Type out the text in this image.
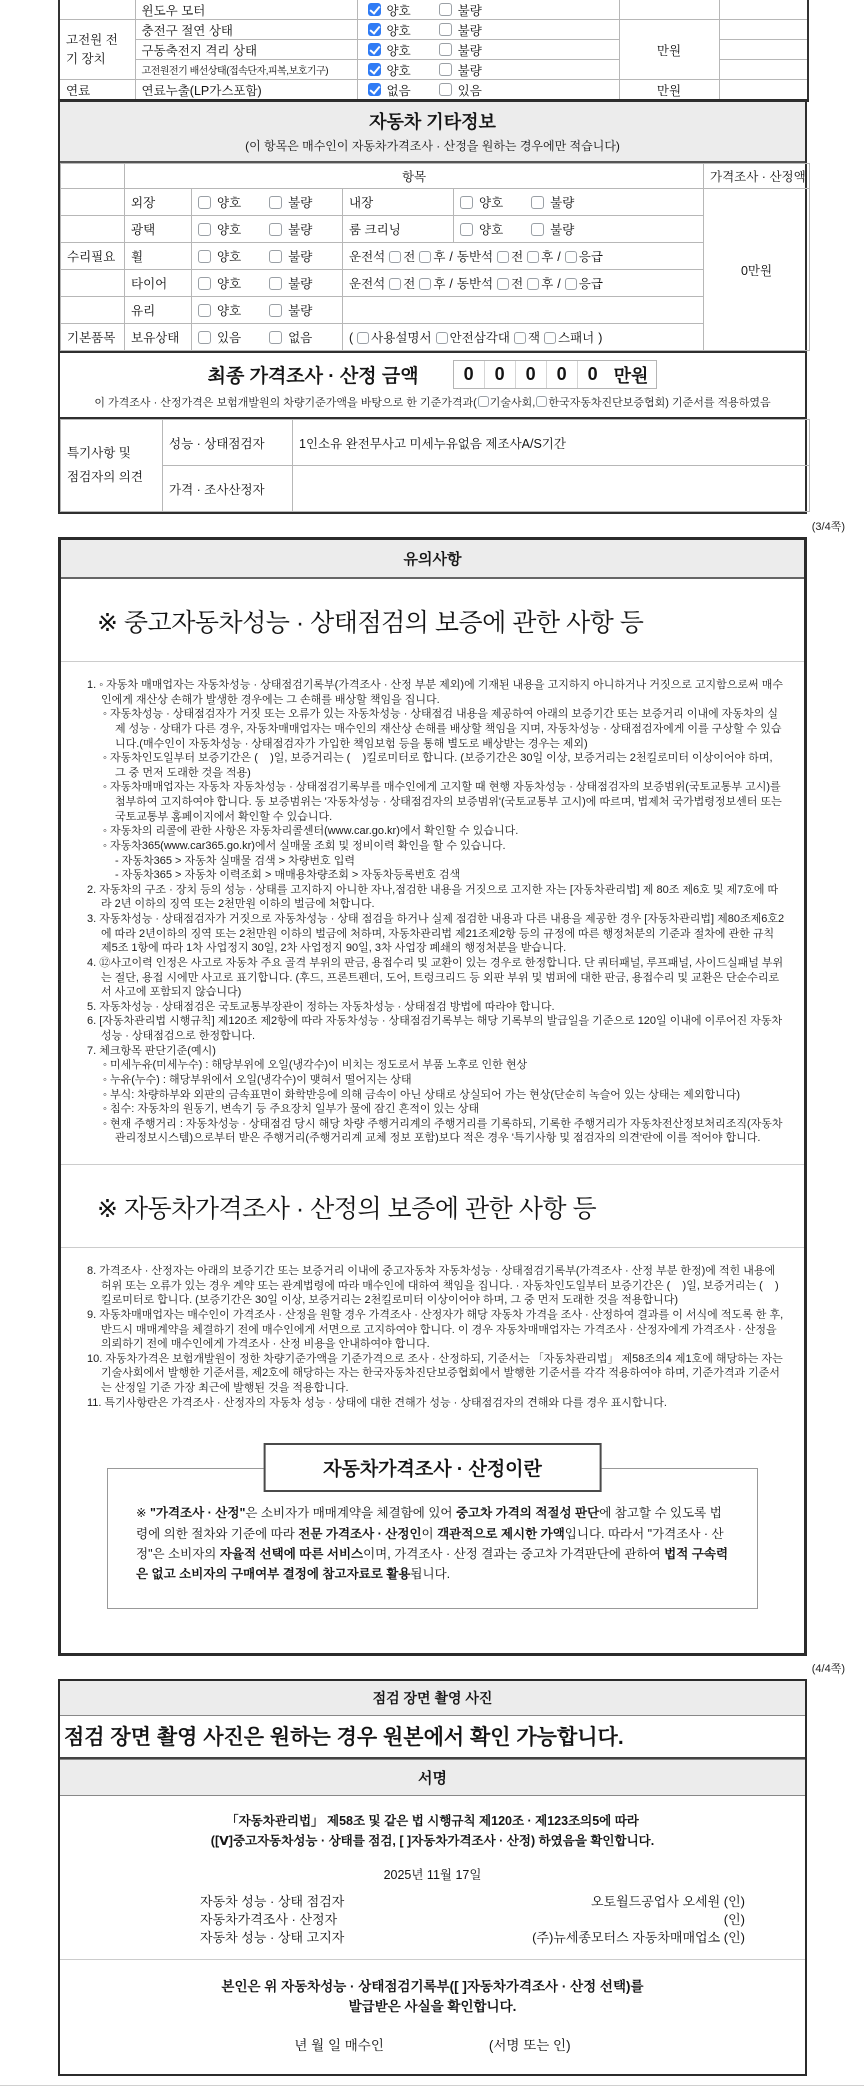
	윈도우 모터	양호 불량		

고전원 전기 장치	충전구 절연 상태	양호 불량	만원	
	구동축전지 격리 상태	양호 불량		

	고전원전기 배선상태(접속단자,피복,보호기구)	양호 불량		

연료	연료누출(LP가스포함)	없음 있음	만원	
자동차 기타정보
(이 항목은 매수인이 자동차가격조사 · 산정을 원하는 경우에만 적습니다)
	항목				가격조사 · 산정액
	외장	양호 불량	내장	양호 불량	0만원
	광택	양호 불량	룸 크리닝	양호 불량	

수리필요	휠	양호 불량	운전석 전 후 / 동반석 전 후 / 응급		
	타이어	양호 불량	운전석 전 후 / 동반석 전 후 / 응급		
	유리	양호 불량			

기본품목	보유상태	있음 없음	( 사용설명서 안전삼각대 잭 스패너 )		
최종 가격조사 · 산정 금액	0	0	0	0	0 만원
이 가격조사 · 산정가격은 보험개발원의 차량기준가액을 바탕으로 한 기준가격과( 기술사회, 한국자동차진단보증협회) 기준서를 적용하였음
특기사항 및
점검자의 의견	성능 · 상태점검자	1인소유 완전무사고 미세누유없음 제조사A/S기간
	가격 · 조사산정자	
(3/4쪽)
유의사항
※ 중고자동차성능 · 상태점검의 보증에 관한 사항 등
1. ◦ 자동차 매매업자는 자동차성능 · 상태점검기록부(가격조사 · 산정 부분 제외)에 기재된 내용을 고지하지 아니하거나 거짓으로 고지함으로써 매수인에게 재산상 손해가 발생한 경우에는 그 손해를 배상할 책임을 집니다.
◦ 자동차성능 · 상태점검자가 거짓 또는 오류가 있는 자동차성능 · 상태점검 내용을 제공하여 아래의 보증기간 또는 보증거리 이내에 자동차의 실제 성능 · 상태가 다른 경우, 자동차매매업자는 매수인의 재산상 손해를 배상할 책임을 지며, 자동차성능 · 상태점검자에게 이를 구상할 수 있습니다.(매수인이 자동차성능 · 상태점검자가 가입한 책임보험 등을 통해 별도로 배상받는 경우는 제외)
◦ 자동차인도일부터 보증기간은 (    )일, 보증거리는 (    )킬로미터로 합니다. (보증기간은 30일 이상, 보증거리는 2천킬로미터 이상이어야 하며, 그 중 먼저 도래한 것을 적용)
◦ 자동차매매업자는 자동차 자동차성능 · 상태점검기록부를 매수인에게 고지할 때 현행 자동차성능 · 상태점검자의 보증범위(국토교통부 고시)를 첨부하여 고지하여야 합니다. 동 보증범위는 '자동차성능 · 상태점검자의 보증범위'(국토교통부 고시)에 따르며, 법제처 국가법령정보센터 또는 국토교통부 홈페이지에서 확인할 수 있습니다.
◦ 자동차의 리콜에 관한 사항은 자동차리콜센터(www.car.go.kr)에서 확인할 수 있습니다.
◦ 자동차365(www.car365.go.kr)에서 실매물 조회 및 정비이력 확인을 할 수 있습니다.
- 자동차365 > 자동차 실매물 검색 > 차량번호 입력
- 자동차365 > 자동차 이력조회 > 매매용차량조회 > 자동차등록번호 검색
2. 자동차의 구조 · 장치 등의 성능 · 상태를 고지하지 아니한 자나,점검한 내용을 거짓으로 고지한 자는 [자동차관리법] 제 80조 제6호 및 제7호에 따라 2년 이하의 징역 또는 2천만원 이하의 벌금에 처합니다.
3. 자동차성능 · 상태점검자가 거짓으로 자동차성능 · 상태 점검을 하거나 실제 점검한 내용과 다른 내용을 제공한 경우 [자동차관리법] 제80조제6호2에 따라 2년이하의 징역 또는 2천만원 이하의 벌금에 처하며, 자동차관리법 제21조제2항 등의 규정에 따른 행정처분의 기준과 절차에 관한 규칙 제5조 1항에 따라 1차 사업정지 30일, 2차 사업정지 90일, 3차 사업장 폐쇄의 행정처분을 받습니다.
4. ⑫사고이력 인정은 사고로 자동차 주요 골격 부위의 판금, 용접수리 및 교환이 있는 경우로 한정합니다. 단 쿼터패널, 루프패널, 사이드실패널 부위는 절단, 용접 시에만 사고로 표기합니다. (후드, 프론트펜더, 도어, 트렁크리드 등 외판 부위 및 범퍼에 대한 판금, 용접수리 및 교환은 단순수리로서 사고에 포함되지 않습니다)
5. 자동차성능 · 상태점검은 국토교통부장관이 정하는 자동차성능 · 상태점검 방법에 따라야 합니다.
6. [자동차관리법 시행규칙] 제120조 제2항에 따라 자동차성능 · 상태점검기록부는 해당 기록부의 발급일을 기준으로 120일 이내에 이루어진 자동차 성능 · 상태점검으로 한정합니다.
7. 체크항목 판단기준(예시)
◦ 미세누유(미세누수) : 해당부위에 오일(냉각수)이 비치는 정도로서 부품 노후로 인한 현상
◦ 누유(누수) : 해당부위에서 오일(냉각수)이 맺혀서 떨어지는 상태
◦ 부식: 차량하부와 외판의 금속표면이 화학반응에 의해 금속이 아닌 상태로 상실되어 가는 현상(단순히 녹슬어 있는 상태는 제외합니다)
◦ 침수: 자동차의 원동기, 변속기 등 주요장치 일부가 물에 잠긴 흔적이 있는 상태
◦ 현재 주행거리 : 자동차성능 · 상태점검 당시 해당 차량 주행거리계의 주행거리를 기록하되, 기록한 주행거리가 자동차전산정보처리조직(자동차관리정보시스템)으로부터 받은 주행거리(주행거리계 교체 정보 포함)보다 적은 경우 '특기사항 및 점검자의 의견'란에 이를 적어야 합니다.
※ 자동차가격조사 · 산정의 보증에 관한 사항 등
8. 가격조사 · 산정자는 아래의 보증기간 또는 보증거리 이내에 중고자동차 자동차성능 · 상태점검기록부(가격조사 · 산정 부분 한정)에 적힌 내용에 허위 또는 오류가 있는 경우 계약 또는 관계법령에 따라 매수인에 대하여 책임을 집니다. · 자동차인도일부터 보증기간은 (    )일, 보증거리는 (    )킬로미터로 합니다. (보증기간은 30일 이상, 보증거리는 2천킬로미터 이상이어야 하며, 그 중 먼저 도래한 것을 적용합니다)
9. 자동차매매업자는 매수인이 가격조사 · 산정을 원할 경우 가격조사 · 산정자가 해당 자동차 가격을 조사 · 산정하여 결과를 이 서식에 적도록 한 후, 반드시 매매계약을 체결하기 전에 매수인에게 서면으로 고지하여야 합니다. 이 경우 자동차매매업자는 가격조사 · 산정자에게 가격조사 · 산정을 의뢰하기 전에 매수인에게 가격조사 · 산정 비용을 안내하여야 합니다.
10. 자동차가격은 보험개발원이 정한 차량기준가액을 기준가격으로 조사 · 산정하되, 기준서는 「자동차관리법」 제58조의4 제1호에 해당하는 자는 기술사회에서 발행한 기준서를, 제2호에 해당하는 자는 한국자동차진단보증협회에서 발행한 기준서를 각각 적용하여야 하며, 기준가격과 기준서는 산정일 기준 가장 최근에 발행된 것을 적용합니다.
11. 특기사항란은 가격조사 · 산정자의 자동차 성능 · 상태에 대한 견해가 성능 · 상태점검자의 견해와 다를 경우 표시합니다.
자동차가격조사 · 산정이란
※ "가격조사 · 산정"은 소비자가 매매계약을 체결함에 있어 중고차 가격의 적절성 판단에 참고할 수 있도록 법령에 의한 절차와 기준에 따라 전문 가격조사 · 산정인이 객관적으로 제시한 가액입니다. 따라서 "가격조사 · 산정"은 소비자의 자율적 선택에 따른 서비스이며, 가격조사 · 산정 결과는 중고차 가격판단에 관하여 법적 구속력은 없고 소비자의 구매여부 결정에 참고자료로 활용됩니다.
(4/4쪽)
점검 장면 촬영 사진
점검 장면 촬영 사진은 원하는 경우 원본에서 확인 가능합니다.
서명
「자동차관리법」 제58조 및 같은 법 시행규칙 제120조 · 제123조의5에 따라
([Ⅴ]중고자동차성능 · 상태를 점검, [ ]자동차가격조사 · 산정) 하였음을 확인합니다.
2025년 11월 17일
자동차 성능 · 상태 점검자	오토월드공업사 오세원 (인)
자동차가격조사 · 산정자	(인)
자동차 성능 · 상태 고지자	(주)뉴세종모터스 자동차매매업소 (인)
본인은 위 자동차성능 · 상태점검기록부([ ]자동차가격조사 · 산정 선택)를
발급받은 사실을 확인합니다.
년 월 일 매수인	(서명 또는 인)
